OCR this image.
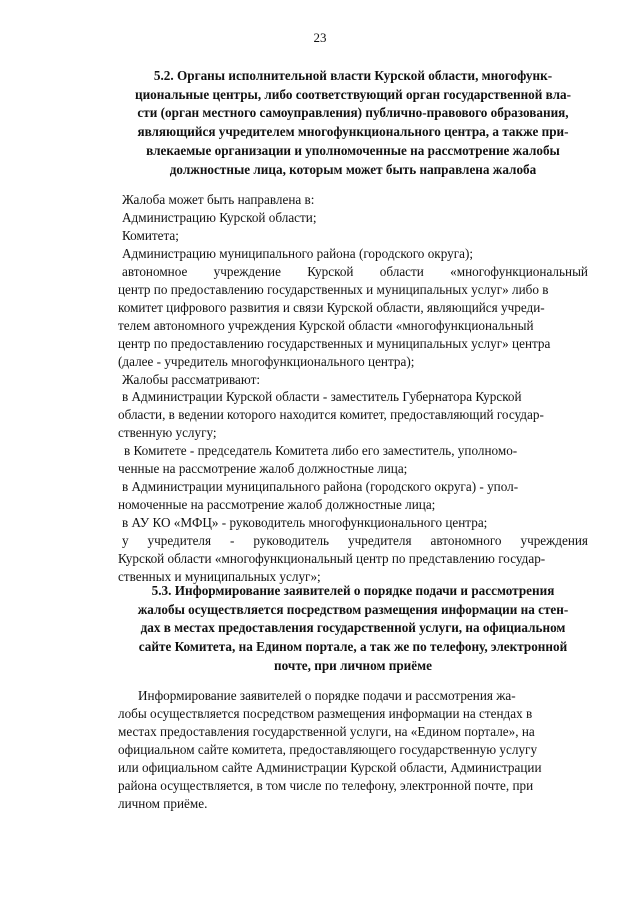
23
5.2. Органы исполнительной власти Курской области, многофунк-
циональные центры, либо соответствующий орган государственной вла-
сти (орган местного самоуправления) публично-правового образования,
являющийся учредителем многофункционального центра, а также при-
влекаемые организации и уполномоченные на рассмотрение жалобы
должностные лица, которым может быть направлена жалоба
Жалоба может быть направлена в:
Администрацию Курской области;
Комитета;
Администрацию муниципального района (городского округа);
автономное учреждение Курской области «многофункциональный
центр по предоставлению государственных и муниципальных услуг» либо в
комитет цифрового развития и связи Курской области, являющийся учреди-
телем автономного учреждения Курской области «многофункциональный
центр по предоставлению государственных и муниципальных услуг» центра
(далее - учредитель многофункционального центра);
Жалобы рассматривают:
в Администрации Курской области - заместитель Губернатора Курской
области, в ведении которого находится комитет, предоставляющий государ-
ственную услугу;
в Комитете - председатель Комитета либо его заместитель, уполномо-
ченные на рассмотрение жалоб должностные лица;
в Администрации муниципального района (городского округа) - упол-
номоченные на рассмотрение жалоб должностные лица;
в АУ КО «МФЦ» - руководитель многофункционального центра;
у учредителя - руководитель учредителя автономного учреждения
Курской области «многофункциональный центр по представлению государ-
ственных и муниципальных услуг»;
5.3. Информирование заявителей о порядке подачи и рассмотрения
жалобы осуществляется посредством размещения информации на стен-
дах в местах предоставления государственной услуги, на официальном
сайте Комитета, на Едином портале, а так же по телефону, электронной
почте, при личном приёме
Информирование заявителей о порядке подачи и рассмотрения жа-
лобы осуществляется посредством размещения информации на стендах в
местах предоставления государственной услуги, на «Едином портале», на
официальном сайте комитета, предоставляющего государственную услугу
или официальном сайте Администрации Курской области, Администрации
района осуществляется, в том числе по телефону, электронной почте, при
личном приёме.
